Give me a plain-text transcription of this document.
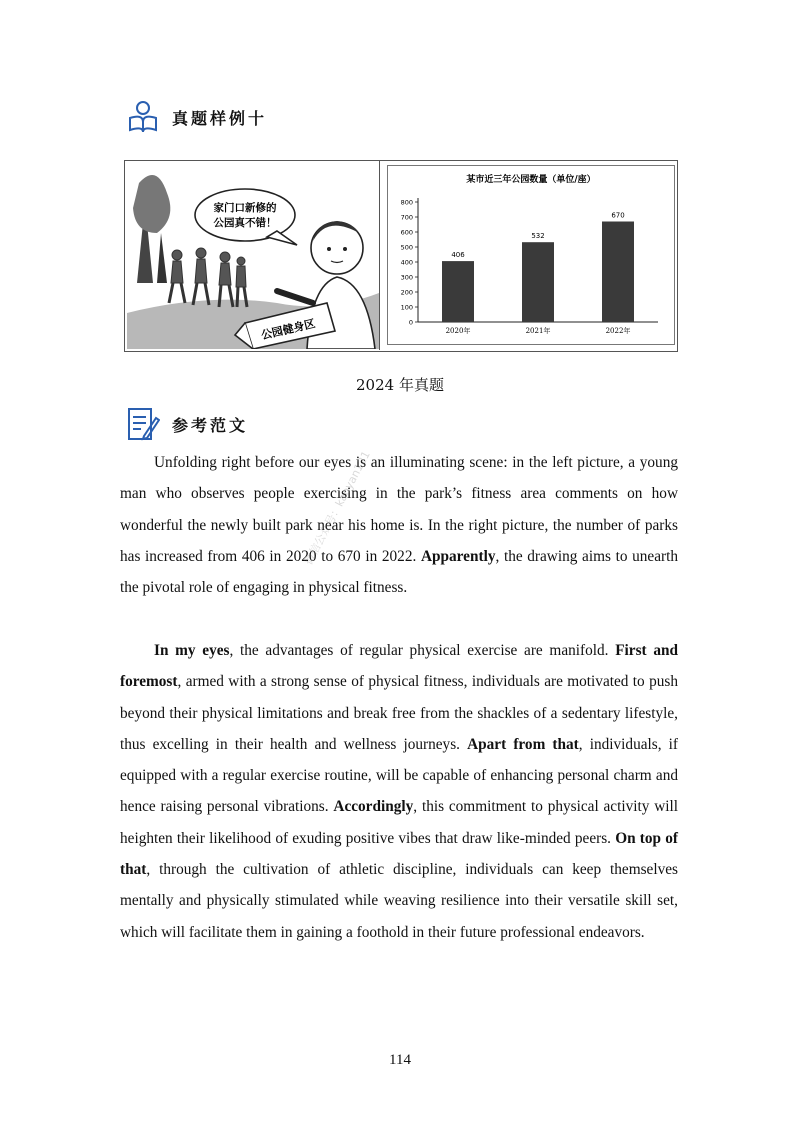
真题样例十
家门口新修的
公园真不错！
公园健身区
某市近三年公园数量（单位/座）
0
100
200
300
400
500
600
700
800
406
2020年
532
2021年
670
2022年
2024 年真题
参考范文

Unfolding right before our eyes is an illuminating scene: in the left picture, a young man who observes people exercising in the park’s fitness area comments on how wonderful the newly built park near his home is. In the right picture, the number of parks has increased from 406 in 2020 to 670 in 2022. Apparently, the drawing aims to unearth the pivotal role of engaging in physical fitness.

In my eyes, the advantages of regular physical exercise are manifold. First and foremost, armed with a strong sense of physical fitness, individuals are motivated to push beyond their physical limitations and break free from the shackles of a sedentary lifestyle, thus excelling in their health and wellness journeys. Apart from that, individuals, if equipped with a regular exercise routine, will be capable of enhancing personal charm and hence raising personal vibrations. Accordingly, this commitment to physical activity will heighten their likelihood of exuding positive vibes that draw like-minded peers. On top of that, through the cultivation of athletic discipline, individuals can keep themselves mentally and physically stimulated while weaving resilience into their versatile skill set, which will facilitate them in gaining a foothold in their future professional endeavors.

微信公众号：kaoyan121
114
